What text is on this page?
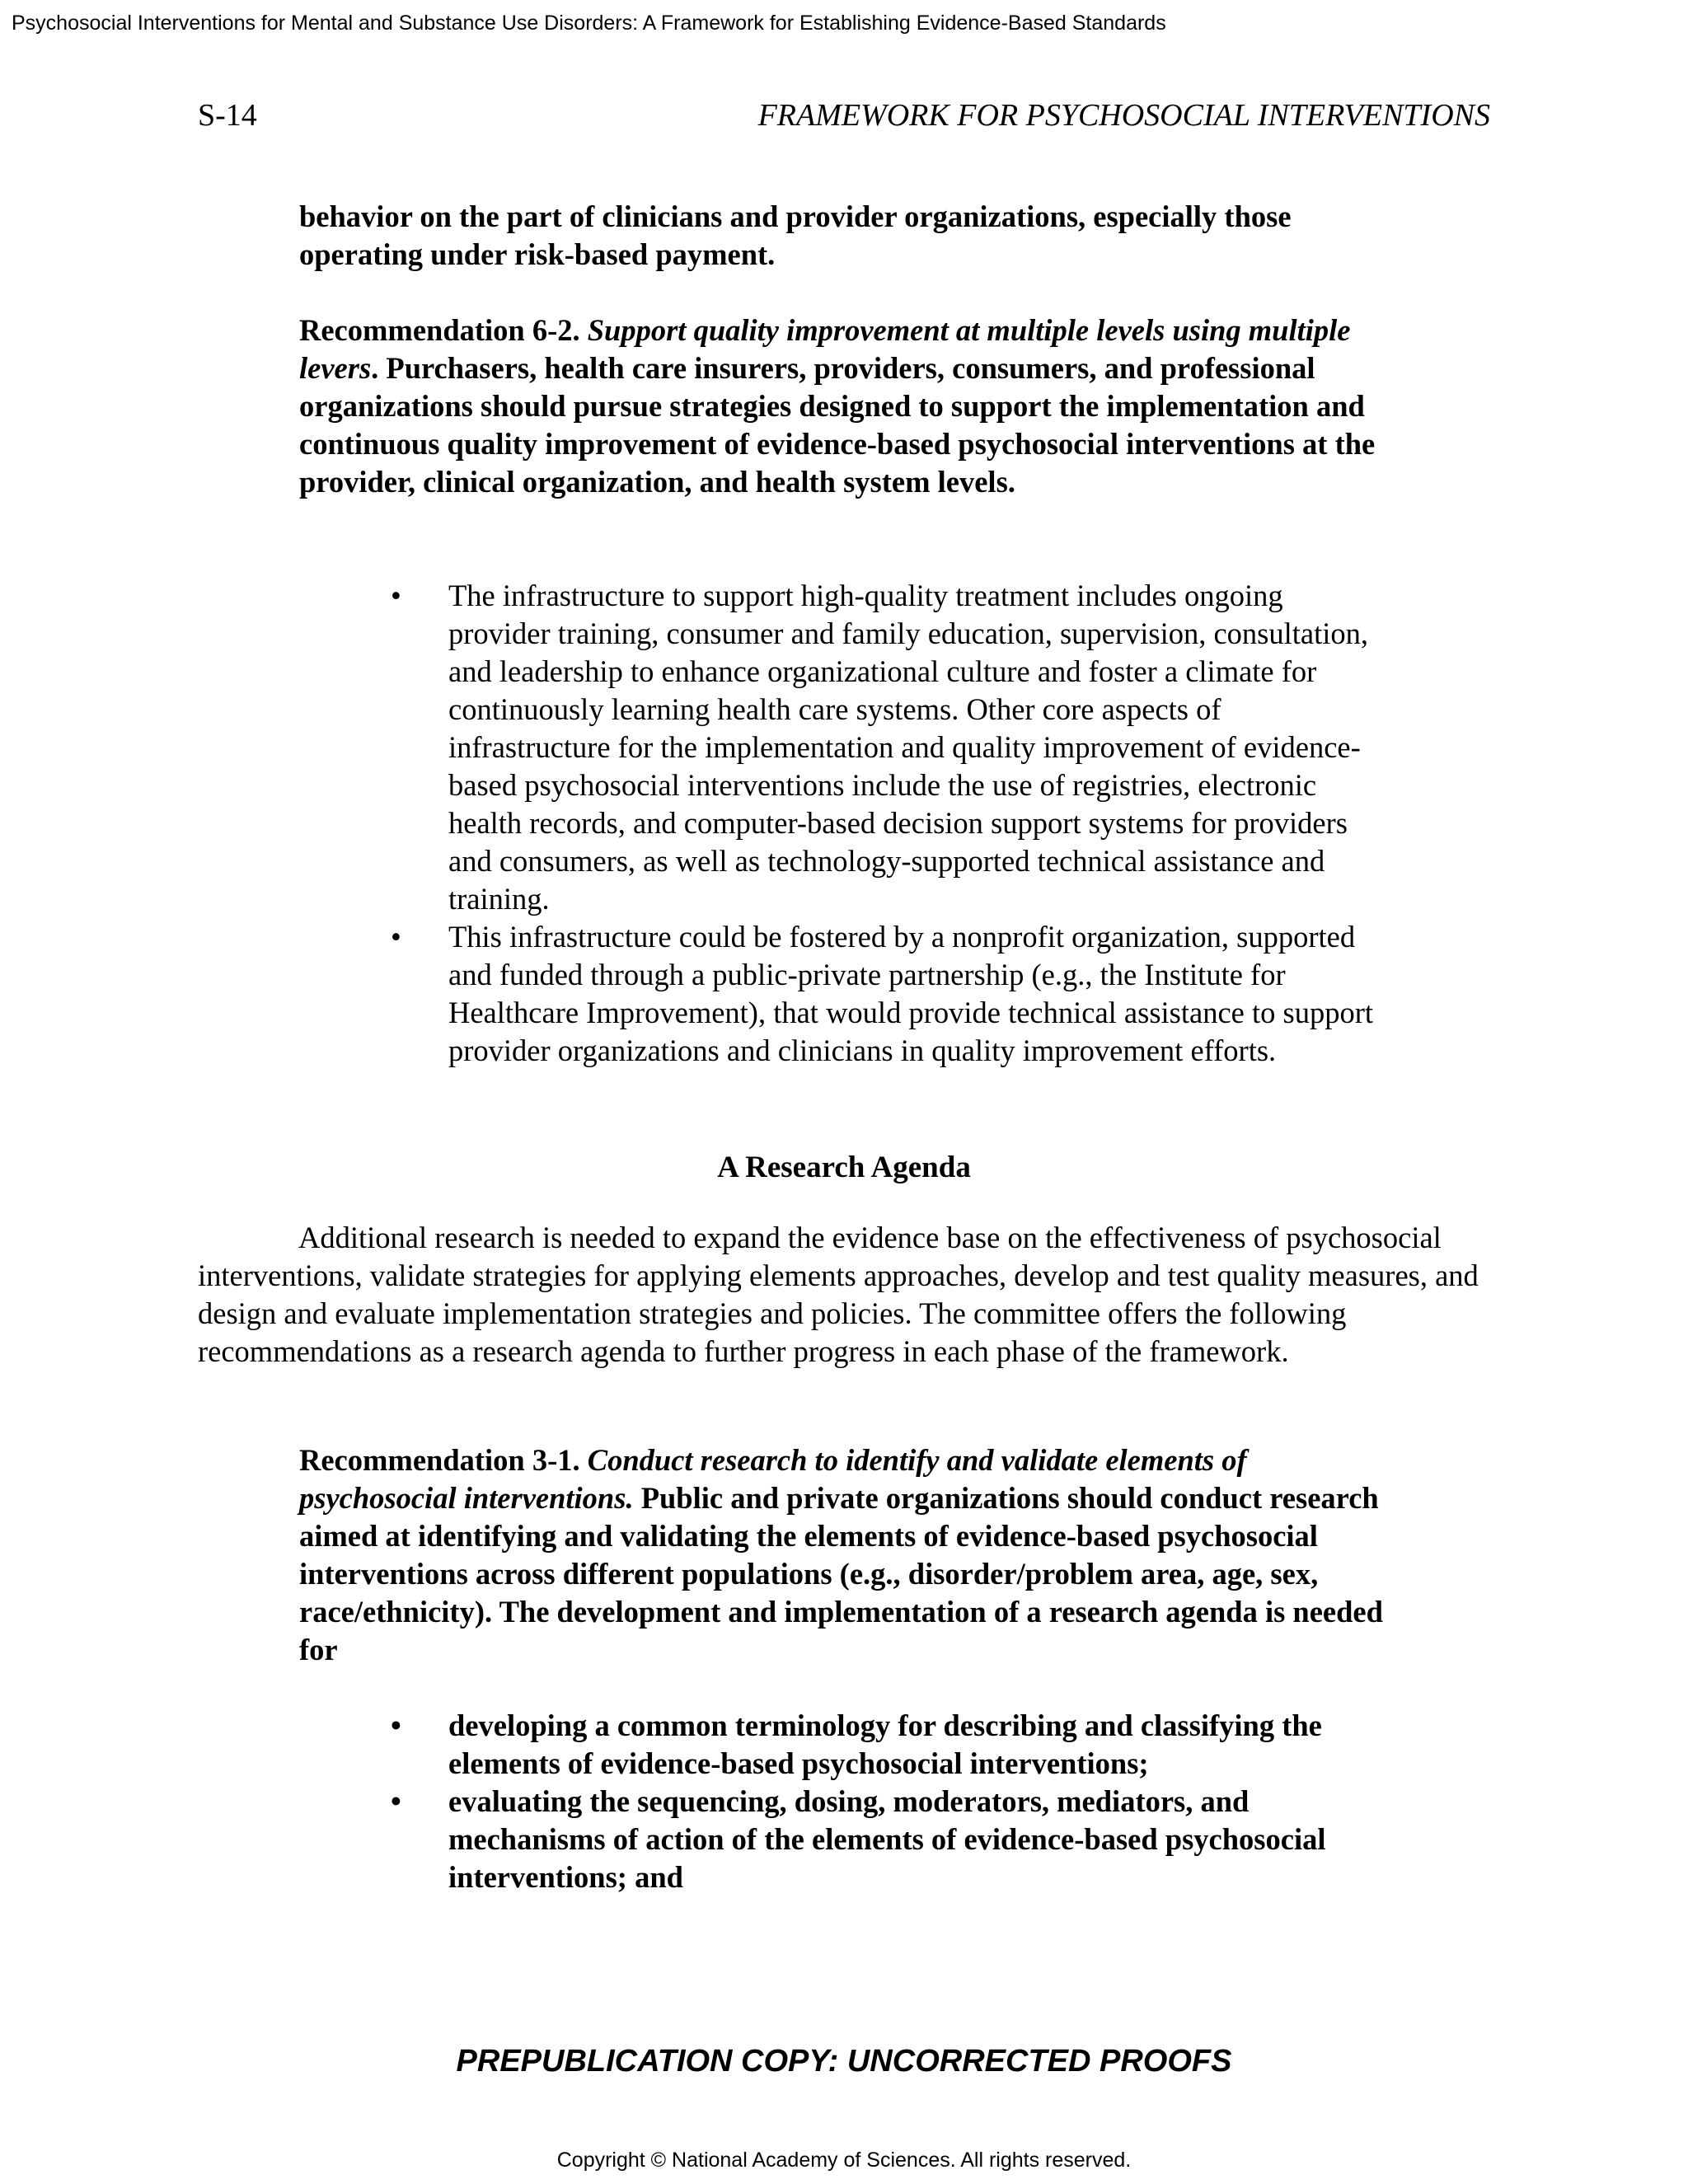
Psychosocial Interventions for Mental and Substance Use Disorders: A Framework for Establishing Evidence-Based Standards
S-14	FRAMEWORK FOR PSYCHOSOCIAL INTERVENTIONS

behavior on the part of clinicians and provider organizations, especially those operating under risk-based payment.

Recommendation 6-2. Support quality improvement at multiple levels using multiple levers. Purchasers, health care insurers, providers, consumers, and professional organizations should pursue strategies designed to support the implementation and continuous quality improvement of evidence-based psychosocial interventions at the provider, clinical organization, and health system levels.

• The infrastructure to support high-quality treatment includes ongoing provider training, consumer and family education, supervision, consultation, and leadership to enhance organizational culture and foster a climate for continuously learning health care systems. Other core aspects of infrastructure for the implementation and quality improvement of evidence-based psychosocial interventions include the use of registries, electronic health records, and computer-based decision support systems for providers and consumers, as well as technology-supported technical assistance and training.
• This infrastructure could be fostered by a nonprofit organization, supported and funded through a public-private partnership (e.g., the Institute for Healthcare Improvement), that would provide technical assistance to support provider organizations and clinicians in quality improvement efforts.
A Research Agenda

Additional research is needed to expand the evidence base on the effectiveness of psychosocial interventions, validate strategies for applying elements approaches, develop and test quality measures, and design and evaluate implementation strategies and policies. The committee offers the following recommendations as a research agenda to further progress in each phase of the framework.

Recommendation 3-1. Conduct research to identify and validate elements of psychosocial interventions. Public and private organizations should conduct research aimed at identifying and validating the elements of evidence-based psychosocial interventions across different populations (e.g., disorder/problem area, age, sex, race/ethnicity). The development and implementation of a research agenda is needed for

• developing a common terminology for describing and classifying the elements of evidence-based psychosocial interventions;
• evaluating the sequencing, dosing, moderators, mediators, and mechanisms of action of the elements of evidence-based psychosocial interventions; and
PREPUBLICATION COPY: UNCORRECTED PROOFS
Copyright © National Academy of Sciences. All rights reserved.
